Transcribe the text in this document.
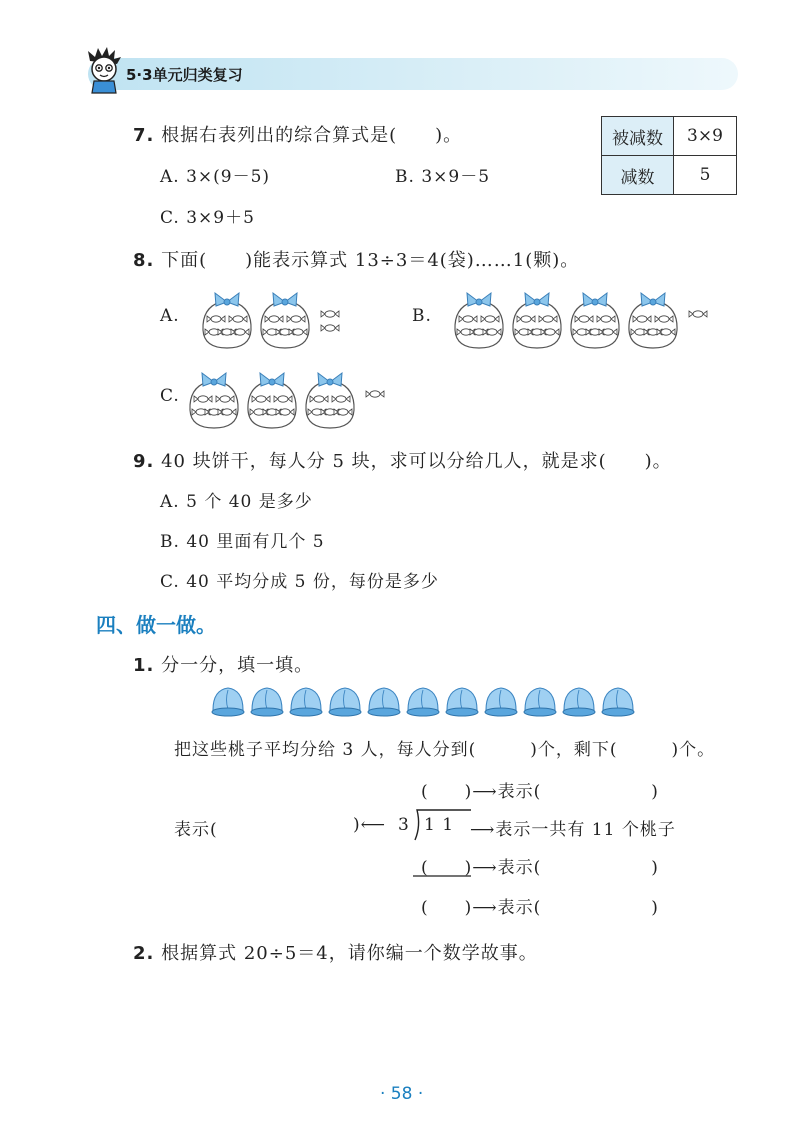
5·3单元归类复习
7. 根据右表列出的综合算式是(　　)。
A. 3×(9－5)	B. 3×9－5
C. 3×9＋5
被减数	3×9
减数	5
8. 下面(　　)能表示算式 13÷3＝4(袋)……1(颗)。
A.	B.
C.
9. 40 块饼干，每人分 5 块，求可以分给几人，就是求(　　)。
A. 5 个 40 是多少
B. 40 里面有几个 5
C. 40 平均分成 5 份，每份是多少
四、做一做。
1. 分一分，填一填。
把这些桃子平均分给 3 人，每人分到(　　　)个，剩下(　　　)个。
(　　)⟶表示(	)
表示(	)⟵ 3 1 1 ⟶表示一共有 11 个桃子
(　　)⟶表示(	)
(　　)⟶表示(	)
2. 根据算式 20÷5＝4，请你编一个数学故事。
· 58 ·
